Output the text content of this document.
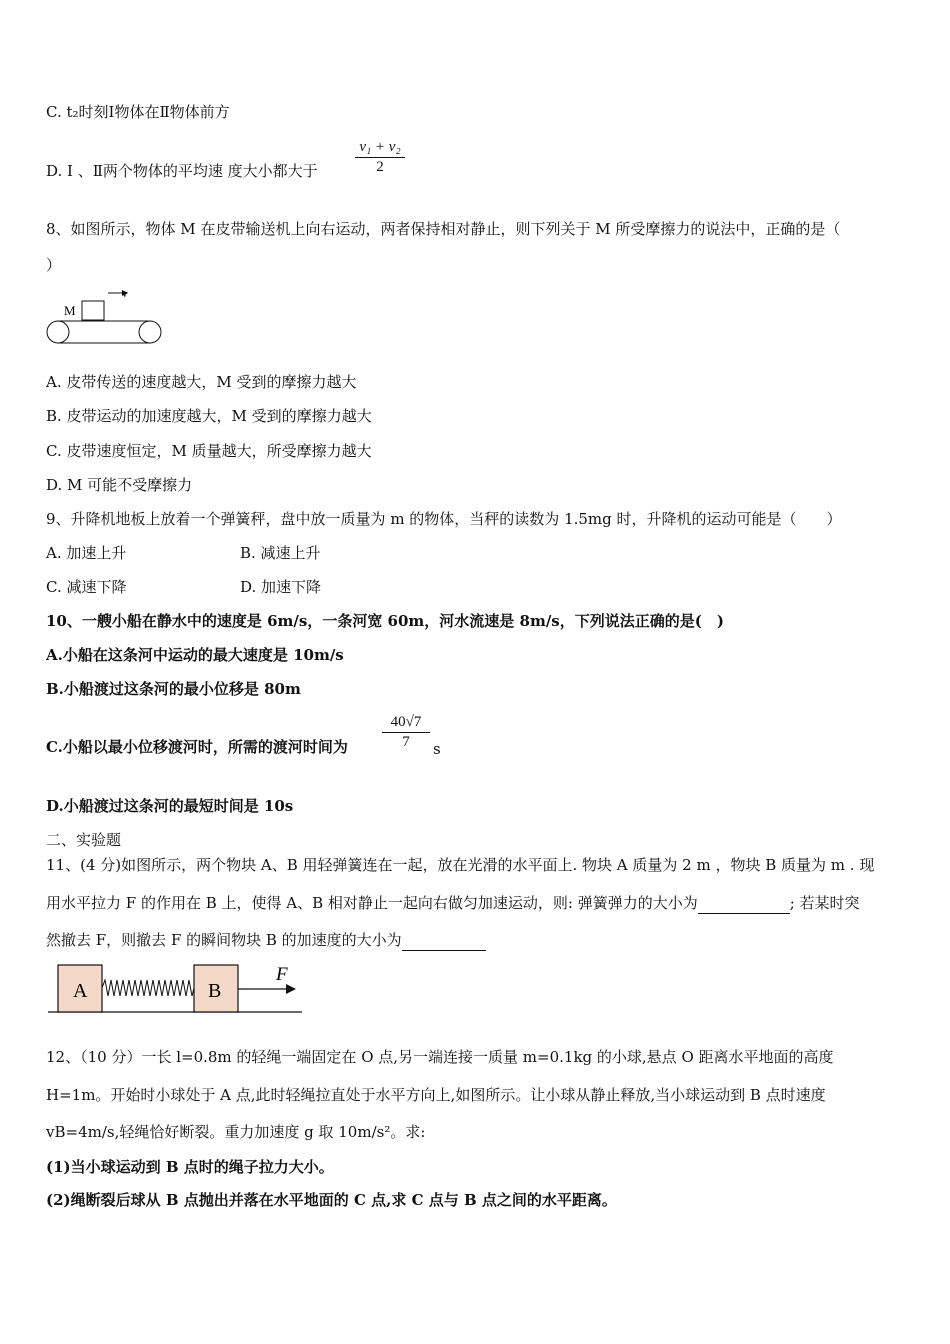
C. t₂时刻Ⅰ物体在Ⅱ物体前方
D. Ⅰ 、Ⅱ两个物体的平均速 度大小都大于
v₁ + v₂
2
8、如图所示，物体 M 在皮带输送机上向右运动，两者保持相对静止，则下列关于 M 所受摩擦力的说法中，正确的是（
）
M
v
A. 皮带传送的速度越大，M 受到的摩擦力越大
B. 皮带运动的加速度越大，M 受到的摩擦力越大
C. 皮带速度恒定，M 质量越大，所受摩擦力越大
D. M 可能不受摩擦力
9、升降机地板上放着一个弹簧秤，盘中放一质量为 m 的物体，当秤的读数为 1.5mg 时，升降机的运动可能是（　　）
A. 加速上升	B. 减速上升
C. 减速下降	D. 加速下降
10、一艘小船在静水中的速度是 6m/s，一条河宽 60m，河水流速是 8m/s，下列说法正确的是(　)
A.小船在这条河中运动的最大速度是 10m/s
B.小船渡过这条河的最小位移是 80m
C.小船以最小位移渡河时，所需的渡河时间为
40√7
7	s
D.小船渡过这条河的最短时间是 10s
二、实验题
11、(4 分)如图所示，两个物块 A、B 用轻弹簧连在一起，放在光滑的水平面上. 物块 A 质量为 2 m ，物块 B 质量为 m . 现
用水平拉力 F 的作用在 B 上，使得 A、B 相对静止一起向右做匀加速运动，则: 弹簧弹力的大小为	; 若某时突
然撤去 F，则撤去 F 的瞬间物块 B 的加速度的大小为
A	B
F
12、（10 分）一长 l=0.8m 的轻绳一端固定在 O 点,另一端连接一质量 m=0.1kg 的小球,悬点 O 距离水平地面的高度
H=1m。开始时小球处于 A 点,此时轻绳拉直处于水平方向上,如图所示。让小球从静止释放,当小球运动到 B 点时速度
vB=4m/s,轻绳恰好断裂。重力加速度 g 取 10m/s²。求:
(1)当小球运动到 B 点时的绳子拉力大小。
(2)绳断裂后球从 B 点抛出并落在水平地面的 C 点,求 C 点与 B 点之间的水平距离。
